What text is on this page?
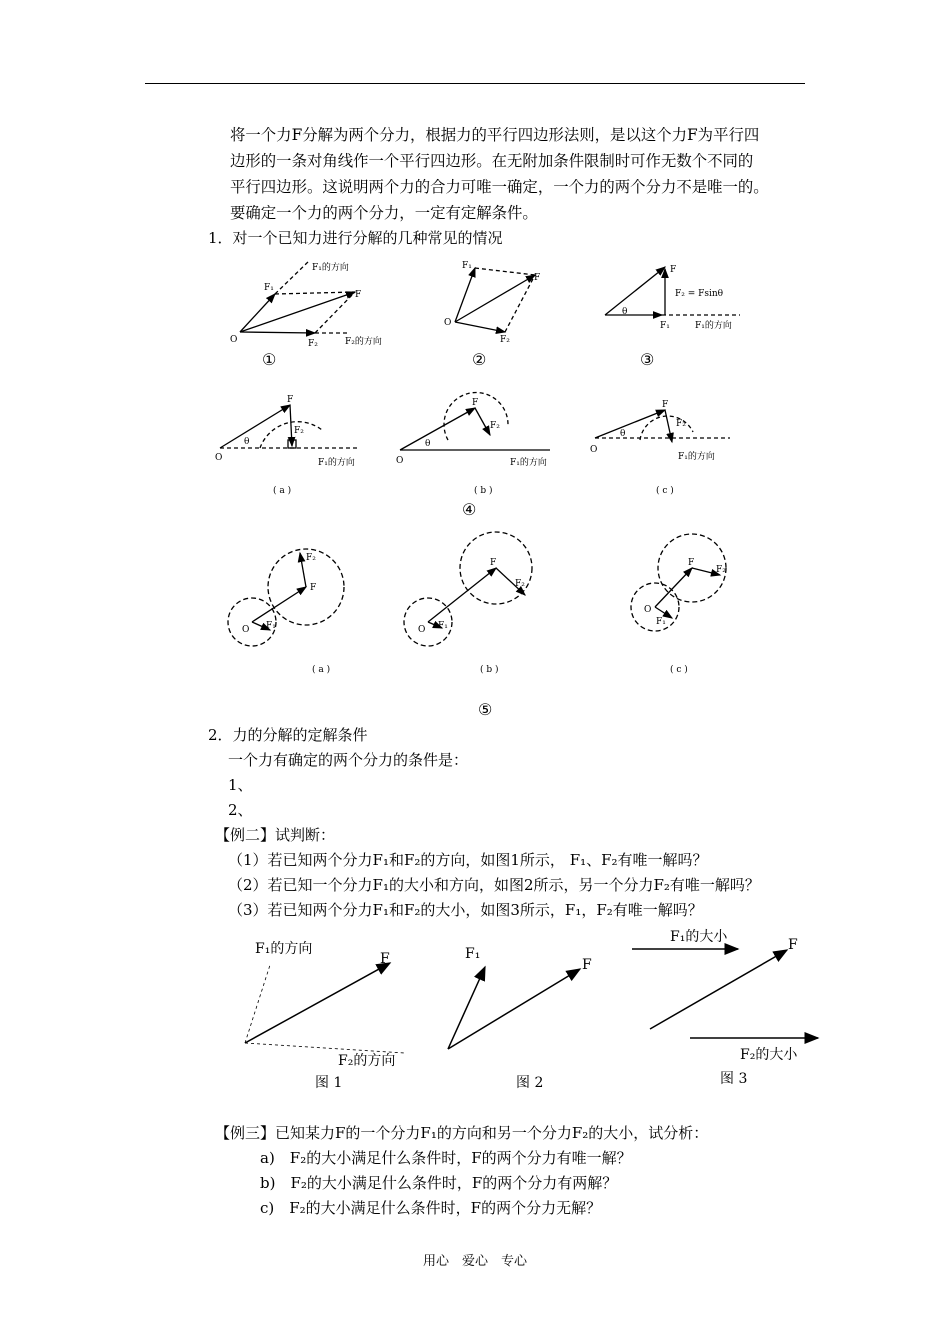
将一个力F分解为两个分力，根据力的平行四边形法则，是以这个力F为平行四
边形的一条对角线作一个平行四边形。在无附加条件限制时可作无数个不同的
平行四边形。这说明两个力的合力可唯一确定，一个力的两个分力不是唯一的。
要确定一个力的两个分力，一定有定解条件。
1．对一个已知力进行分解的几种常见的情况
O
F
F₁
F₂
F₁的方向
F₂的方向
O
F
F₁
F₂
θ
F
F₂ = Fsinθ
F₁	F₁的方向
O
F
F₂
θ
F₁的方向	O
F
F₂
θ
F₁的方向
O
F
F₂
θ
F₁的方向
( a )	( b )	( c )
O
F
F₂
F₁	O
F
F₂
F₁
O
F
F₂
F₁
( a )	( b )	( c )
①	②	③
④
⑤
2．力的分解的定解条件
一个力有确定的两个分力的条件是：
1、
2、
【例二】试判断：
（1）若已知两个分力F₁和F₂的方向，如图1所示， F₁、F₂有唯一解吗？
（2）若已知一个分力F₁的大小和方向，如图2所示，另一个分力F₂有唯一解吗？
（3）若已知两个分力F₁和F₂的大小，如图3所示，F₁，F₂有唯一解吗？
F₁的方向
F
F₂的方向
图 1
F₁
F
图 2
F₁的大小	F
F₂的大小
图 3
【例三】已知某力F的一个分力F₁的方向和另一个分力F₂的大小，试分析：
a)　F₂的大小满足什么条件时，F的两个分力有唯一解？
b)　F₂的大小满足什么条件时，F的两个分力有两解？
c)　F₂的大小满足什么条件时，F的两个分力无解？
用心　爱心　专心
